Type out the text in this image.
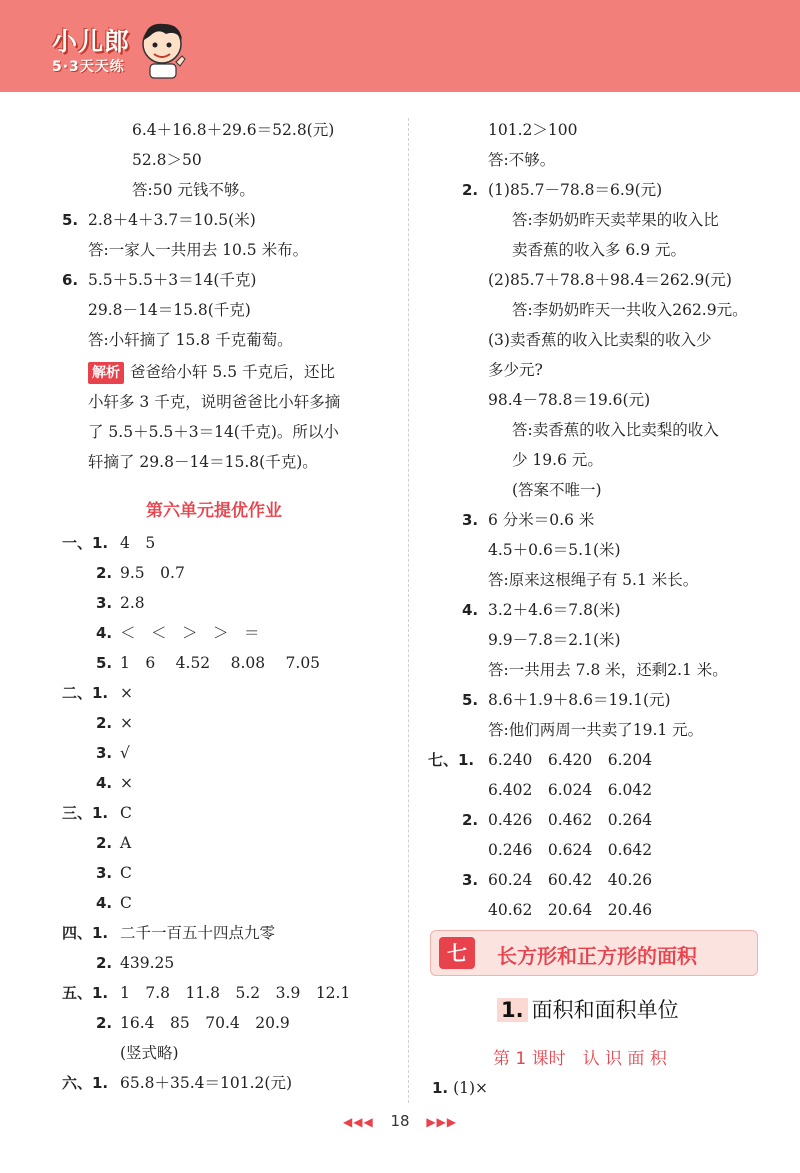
小儿郎
5·3天天练
6.4＋16.8＋29.6＝52.8(元)
52.8＞50
答:50 元钱不够。
5. 2.8＋4＋3.7＝10.5(米)
答:一家人一共用去 10.5 米布。
6. 5.5＋5.5＋3＝14(千克)
29.8－14＝15.8(千克)
答:小轩摘了 15.8 千克葡萄。
解析 爸爸给小轩 5.5 千克后，还比
小轩多 3 千克，说明爸爸比小轩多摘
了 5.5＋5.5＋3＝14(千克)。所以小
轩摘了 29.8－14＝15.8(千克)。
第六单元提优作业
一、1. 4　5
2. 9.5　0.7
3. 2.8
4. ＜　＜　＞　＞　＝
5. 1　6　 4.52　 8.08　 7.05
二、1. ×
2. ×
3. √
4. ×
三、1. C
2. A
3. C
4. C
四、1. 二千一百五十四点九零
2. 439.25
五、1. 1　7.8　11.8　5.2　3.9　12.1
2. 16.4　85　70.4　20.9
(竖式略)
六、1. 65.8＋35.4＝101.2(元)
101.2＞100
答:不够。
2. (1)85.7－78.8＝6.9(元)
答:李奶奶昨天卖苹果的收入比
卖香蕉的收入多 6.9 元。
(2)85.7＋78.8＋98.4＝262.9(元)
答:李奶奶昨天一共收入262.9元。
(3)卖香蕉的收入比卖梨的收入少
多少元?
98.4－78.8＝19.6(元)
答:卖香蕉的收入比卖梨的收入
少 19.6 元。
(答案不唯一)
3. 6 分米＝0.6 米
4.5＋0.6＝5.1(米)
答:原来这根绳子有 5.1 米长。
4. 3.2＋4.6＝7.8(米)
9.9－7.8＝2.1(米)
答:一共用去 7.8 米，还剩2.1 米。
5. 8.6＋1.9＋8.6＝19.1(元)
答:他们两周一共卖了19.1 元。
七、1. 6.240　6.420　6.204
6.402　6.024　6.042
2. 0.426　0.462　0.264
0.246　0.624　0.642
3. 60.24　60.42　40.26
40.62　20.64　20.46
七	长方形和正方形的面积
1. 面积和面积单位
第 1 课时　认 识 面 积
1. (1)×
◀◀◀ 18 ▶▶▶
